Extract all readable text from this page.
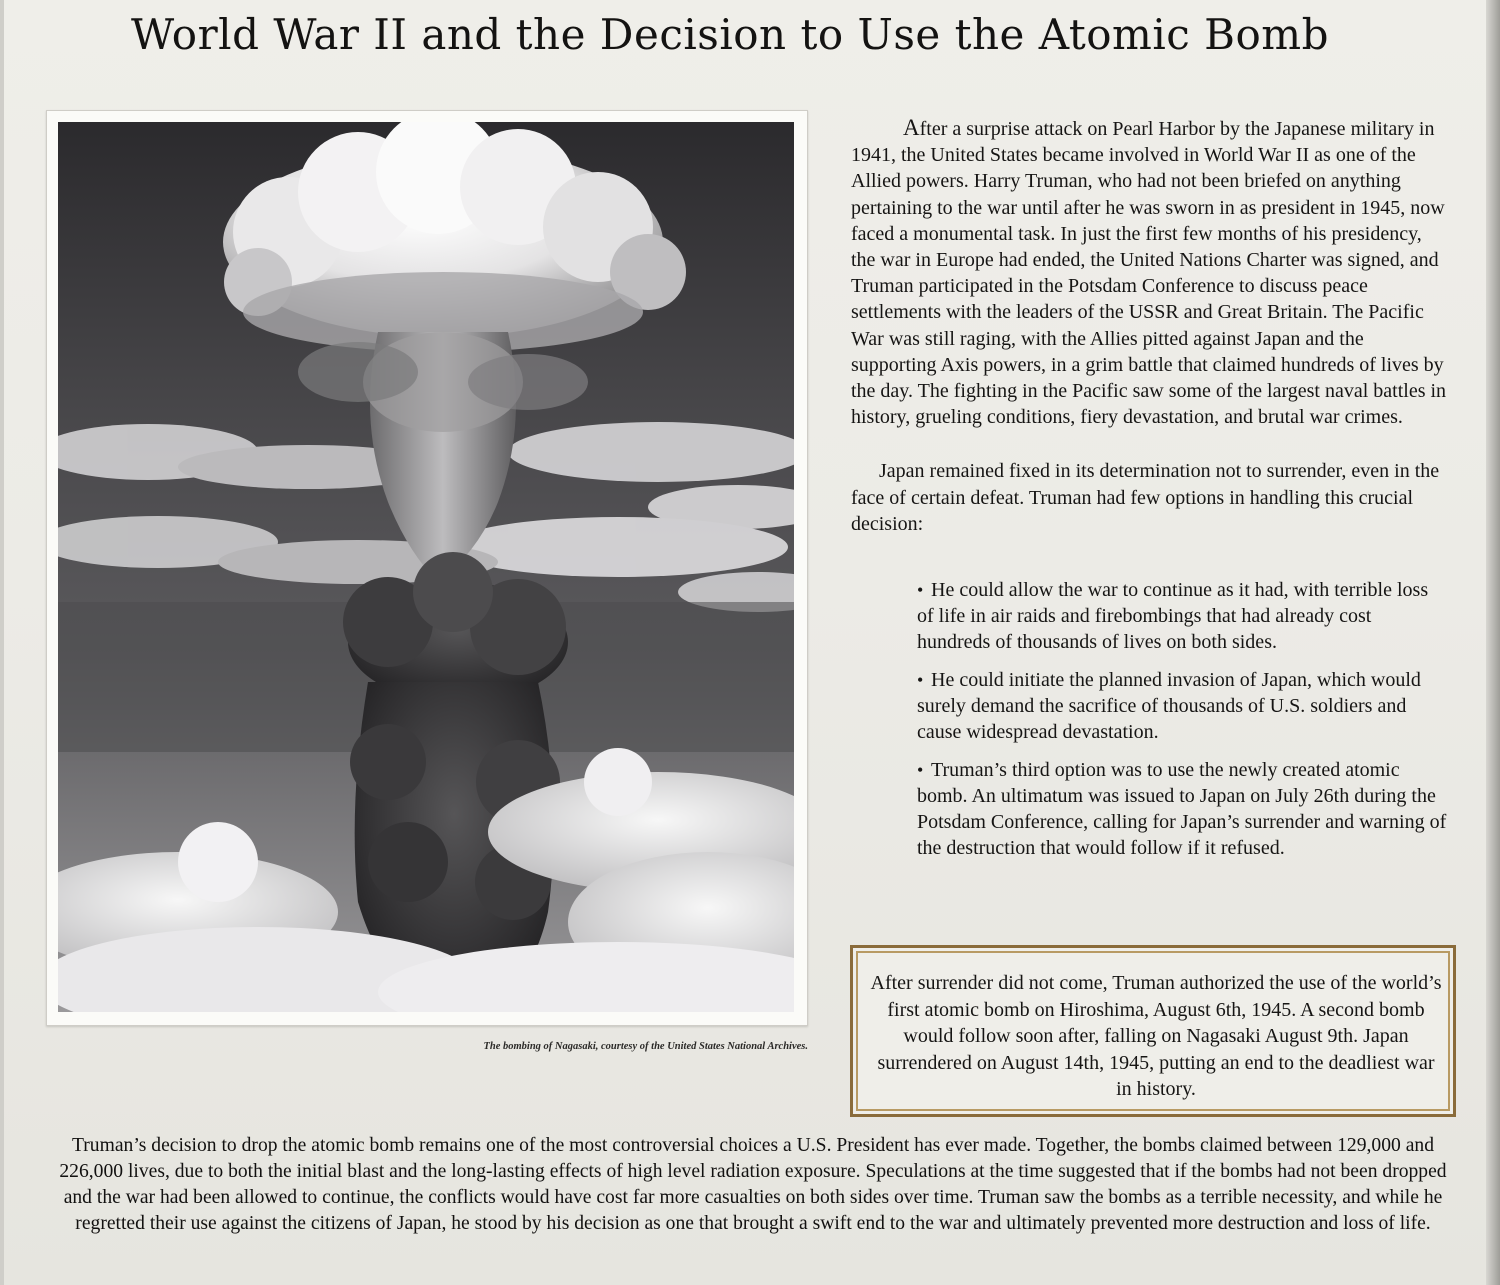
World War II and the Decision to Use the Atomic Bomb
The bombing of Nagasaki, courtesy of the United States National Archives.

After a surprise attack on Pearl Harbor by the Japanese military in 1941, the United States became involved in World War II as one of the Allied powers. Harry Truman, who had not been briefed on anything pertaining to the war until after he was sworn in as president in 1945, now faced a monumental task. In just the first few months of his presidency, the war in Europe had ended, the United Nations Charter was signed, and Truman participated in the Potsdam Conference to discuss peace settlements with the leaders of the USSR and Great Britain. The Pacific War was still raging, with the Allies pitted against Japan and the supporting Axis powers, in a grim battle that claimed hundreds of lives by the day. The fighting in the Pacific saw some of the largest naval battles in history, grueling conditions, fiery devastation, and brutal war crimes.

Japan remained fixed in its determination not to surrender, even in the face of certain defeat. Truman had few options in handling this crucial decision:

• He could allow the war to continue as it had, with terrible loss of life in air raids and firebombings that had already cost hundreds of thousands of lives on both sides.
• He could initiate the planned invasion of Japan, which would surely demand the sacrifice of thousands of U.S. soldiers and cause widespread devastation.
• Truman’s third option was to use the newly created atomic bomb. An ultimatum was issued to Japan on July 26th during the Potsdam Conference, calling for Japan’s surrender and warning of the destruction that would follow if it refused.

After surrender did not come, Truman authorized the use of the world’s first atomic bomb on Hiroshima, August 6th, 1945. A second bomb would follow soon after, falling on Nagasaki August 9th. Japan surrendered on August 14th, 1945, putting an end to the deadliest war in history.

Truman’s decision to drop the atomic bomb remains one of the most controversial choices a U.S. President has ever made. Together, the bombs claimed between 129,000 and 226,000 lives, due to both the initial blast and the long-lasting effects of high level radiation exposure. Speculations at the time suggested that if the bombs had not been dropped and the war had been allowed to continue, the conflicts would have cost far more casualties on both sides over time. Truman saw the bombs as a terrible necessity, and while he regretted their use against the citizens of Japan, he stood by his decision as one that brought a swift end to the war and ultimately prevented more destruction and loss of life.
